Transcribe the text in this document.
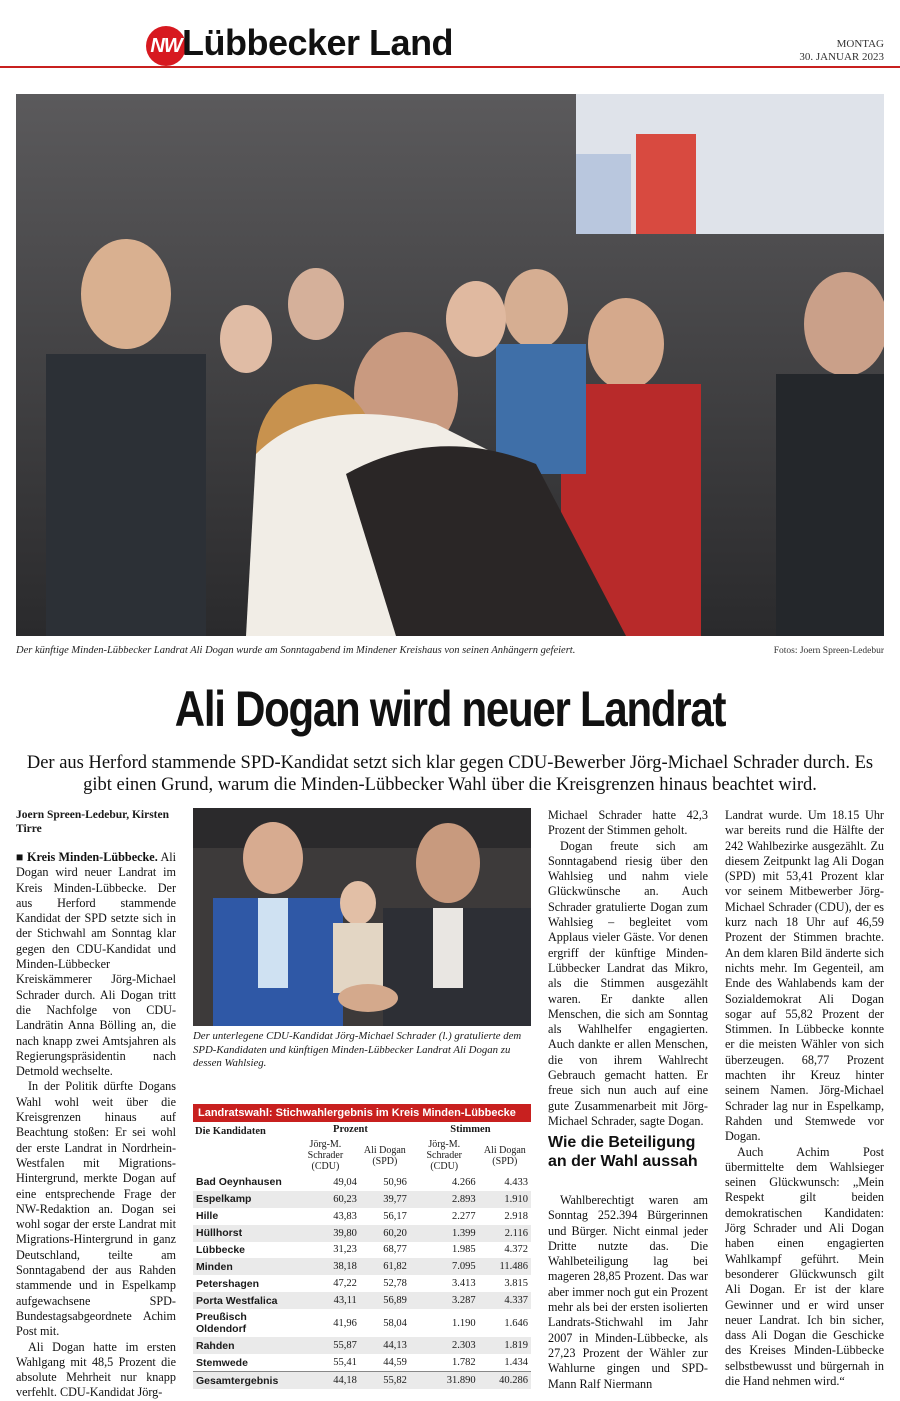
NW Lübbecker Land	MONTAG
30. JANUAR 2023
Der künftige Minden-Lübbecker Landrat Ali Dogan wurde am Sonntagabend im Mindener Kreishaus von seinen Anhängern gefeiert.	Fotos: Joern Spreen-Ledebur
Ali Dogan wird neuer Landrat
Der aus Herford stammende SPD-Kandidat setzt sich klar gegen CDU-Bewerber Jörg-Michael Schrader durch. Es gibt einen Grund, warum die Minden-Lübbecker Wahl über die Kreisgrenzen hinaus beachtet wird.
Joern Spreen-Ledebur, Kirsten Tirre

■ Kreis Minden-Lübbecke. Ali Dogan wird neuer Landrat im Kreis Minden-Lübbecke. Der aus Herford stammende Kandidat der SPD setzte sich in der Stichwahl am Sonntag klar gegen den CDU-Kandidat und Minden-Lübbecker Kreiskämmerer Jörg-Michael Schrader durch. Ali Dogan tritt die Nachfolge von CDU-Landrätin Anna Bölling an, die nach knapp zwei Amtsjahren als Regierungspräsidentin nach Detmold wechselte.

In der Politik dürfte Dogans Wahl wohl weit über die Kreisgrenzen hinaus auf Beachtung stoßen: Er sei wohl der erste Landrat in Nordrhein-Westfalen mit Migrations-Hintergrund, merkte Dogan auf eine entsprechende Frage der NW-Redaktion an. Dogan sei wohl sogar der erste Landrat mit Migrations-Hintergrund in ganz Deutschland, teilte am Sonntagabend der aus Rahden stammende und in Espelkamp aufgewachsene SPD-Bundestagsabgeordnete Achim Post mit.

Ali Dogan hatte im ersten Wahlgang mit 48,5 Prozent die absolute Mehrheit nur knapp verfehlt. CDU-Kandidat Jörg-

Der unterlegene CDU-Kandidat Jörg-Michael Schrader (l.) gratulierte dem SPD-Kandidaten und künftigen Minden-Lübbecker Landrat Ali Dogan zu dessen Wahlsieg.
Landratswahl: Stichwahlergebnis im Kreis Minden-Lübbecke
Die Kandidaten	Prozent		Stimmen	
	Jörg-M. Schrader (CDU)	Ali Dogan (SPD)	Jörg-M. Schrader (CDU)	Ali Dogan (SPD)
Bad Oeynhausen	49,04	50,96	4.266	4.433
Espelkamp	60,23	39,77	2.893	1.910
Hille	43,83	56,17	2.277	2.918
Hüllhorst	39,80	60,20	1.399	2.116
Lübbecke	31,23	68,77	1.985	4.372
Minden	38,18	61,82	7.095	11.486
Petershagen	47,22	52,78	3.413	3.815
Porta Westfalica	43,11	56,89	3.287	4.337
Preußisch Oldendorf	41,96	58,04	1.190	1.646
Rahden	55,87	44,13	2.303	1.819
Stemwede	55,41	44,59	1.782	1.434
Gesamtergebnis	44,18	55,82	31.890	40.286

Michael Schrader hatte 42,3 Prozent der Stimmen geholt.

Dogan freute sich am Sonntagabend riesig über den Wahlsieg und nahm viele Glückwünsche an. Auch Schrader gratulierte Dogan zum Wahlsieg – begleitet vom Applaus vieler Gäste. Vor denen ergriff der künftige Minden-Lübbecker Landrat das Mikro, als die Stimmen ausgezählt waren. Er dankte allen Menschen, die sich am Sonntag als Wahlhelfer engagierten. Auch dankte er allen Menschen, die von ihrem Wahlrecht Gebrauch gemacht hatten. Er freue sich nun auch auf eine gute Zusammenarbeit mit Jörg-Michael Schrader, sagte Dogan.

Wie die Beteiligung an der Wahl aussah

Wahlberechtigt waren am Sonntag 252.394 Bürgerinnen und Bürger. Nicht einmal jeder Dritte nutzte das. Die Wahlbeteiligung lag bei mageren 28,85 Prozent. Das war aber immer noch gut ein Prozent mehr als bei der ersten isolierten Landrats-Stichwahl im Jahr 2007 in Minden-Lübbecke, als 27,23 Prozent der Wähler zur Wahlurne gingen und SPD-Mann Ralf Niermann

Landrat wurde. Um 18.15 Uhr war bereits rund die Hälfte der 242 Wahlbezirke ausgezählt. Zu diesem Zeitpunkt lag Ali Dogan (SPD) mit 53,41 Prozent klar vor seinem Mitbewerber Jörg-Michael Schrader (CDU), der es kurz nach 18 Uhr auf 46,59 Prozent der Stimmen brachte. An dem klaren Bild änderte sich nichts mehr. Im Gegenteil, am Ende des Wahlabends kam der Sozialdemokrat Ali Dogan sogar auf 55,82 Prozent der Stimmen. In Lübbecke konnte er die meisten Wähler von sich überzeugen. 68,77 Prozent machten ihr Kreuz hinter seinem Namen. Jörg-Michael Schrader lag nur in Espelkamp, Rahden und Stemwede vor Dogan.

Auch Achim Post übermittelte dem Wahlsieger seinen Glückwunsch: „Mein Respekt gilt beiden demokratischen Kandidaten: Jörg Schrader und Ali Dogan haben einen engagierten Wahlkampf geführt. Mein besonderer Glückwunsch gilt Ali Dogan. Er ist der klare Gewinner und er wird unser neuer Landrat. Ich bin sicher, dass Ali Dogan die Geschicke des Kreises Minden-Lübbecke selbstbewusst und bürgernah in die Hand nehmen wird.“
